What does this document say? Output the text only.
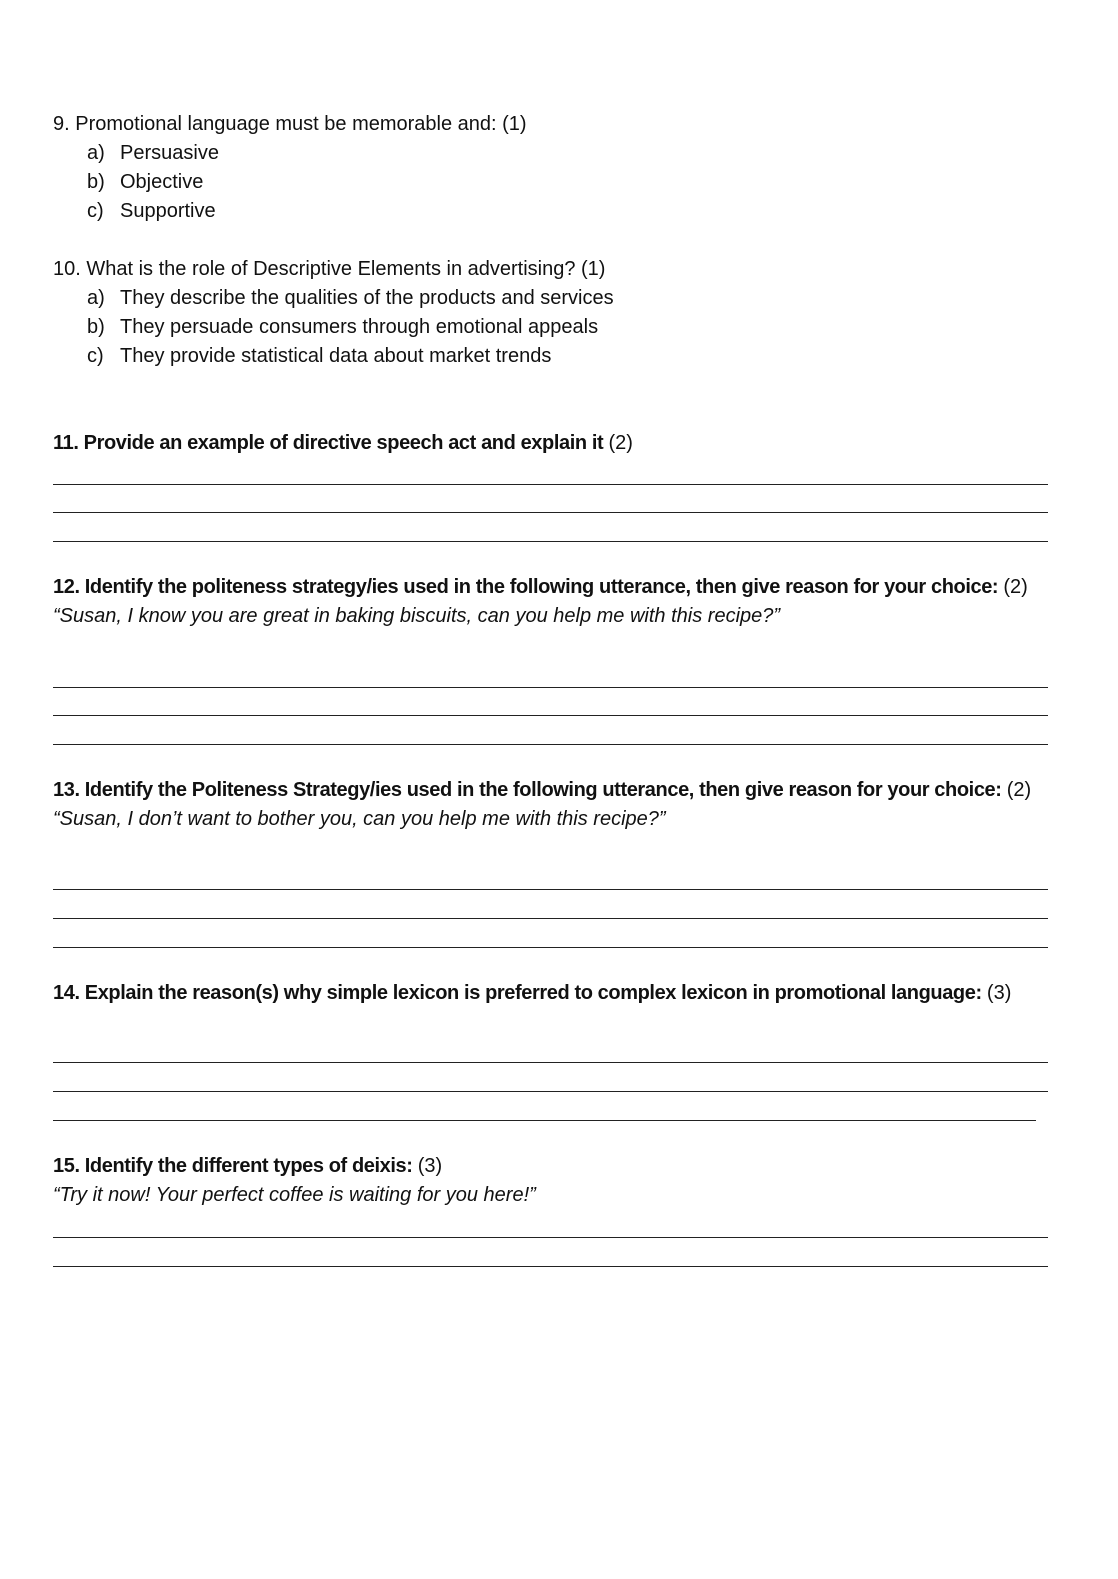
9. Promotional language must be memorable and: (1)
a) Persuasive
b) Objective
c) Supportive
10. What is the role of Descriptive Elements in advertising? (1)
a) They describe the qualities of the products and services
b) They persuade consumers through emotional appeals
c) They provide statistical data about market trends
11. Provide an example of directive speech act and explain it (2)
12. Identify the politeness strategy/ies used in the following utterance, then give reason for your choice: (2)
“Susan, I know you are great in baking biscuits, can you help me with this recipe?”
13. Identify the Politeness Strategy/ies used in the following utterance, then give reason for your choice: (2)
“Susan, I don’t want to bother you, can you help me with this recipe?”
14. Explain the reason(s) why simple lexicon is preferred to complex lexicon in promotional language: (3)
15. Identify the different types of deixis: (3)
“Try it now! Your perfect coffee is waiting for you here!”
